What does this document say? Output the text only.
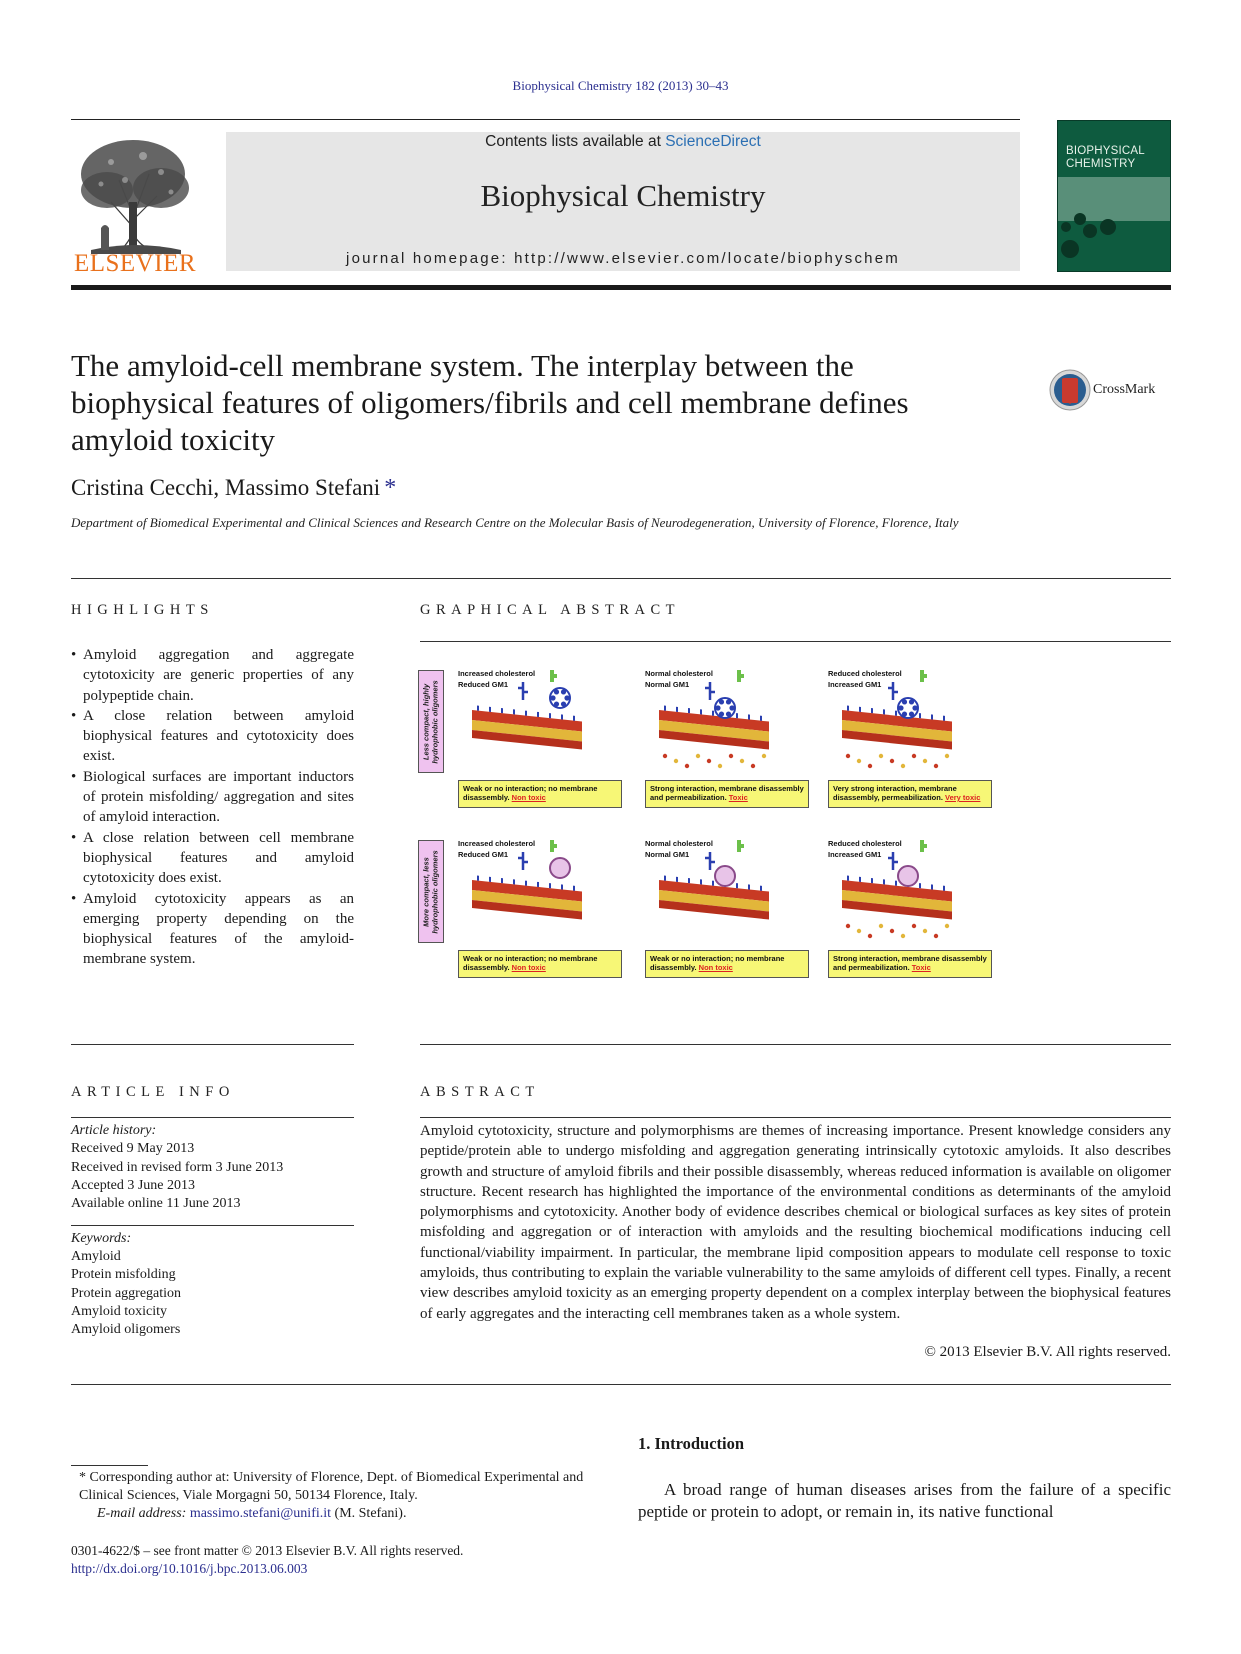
Biophysical Chemistry 182 (2013) 30–43
ELSEVIER
Contents lists available at ScienceDirect
Biophysical Chemistry
journal homepage: http://www.elsevier.com/locate/biophyschem
BIOPHYSICAL
CHEMISTRY
The amyloid-cell membrane system. The interplay between the biophysical features of oligomers/fibrils and cell membrane defines amyloid toxicity
CrossMark
Cristina Cecchi, Massimo Stefani *
Department of Biomedical Experimental and Clinical Sciences and Research Centre on the Molecular Basis of Neurodegeneration, University of Florence, Florence, Italy
HIGHLIGHTS	GRAPHICAL ABSTRACT
• Amyloid aggregation and aggregate cytotoxicity are generic properties of any polypeptide chain.
• A close relation between amyloid biophysical features and cytotoxicity does exist.
• Biological surfaces are important inductors of protein misfolding/ aggregation and sites of amyloid interaction.
• A close relation between cell membrane biophysical features and amyloid cytotoxicity does exist.
• Amyloid cytotoxicity appears as an emerging property depending on the biophysical features of the amyloid-membrane system.
Less compact, highly hydrophobic oligomers
More compact, less hydrophobic oligomers
Increased cholesterol
Reduced GM1
Weak or no interaction; no membrane disassembly. Non toxic
Normal cholesterol
Normal GM1
Strong interaction, membrane disassembly and permeabilization. Toxic
Reduced cholesterol
Increased GM1
Very strong interaction, membrane disassembly, permeabilization. Very toxic
Increased cholesterol
Reduced GM1
Weak or no interaction; no membrane disassembly. Non toxic
Normal cholesterol
Normal GM1
Weak or no interaction; no membrane disassembly. Non toxic
Reduced cholesterol
Increased GM1
Strong interaction, membrane disassembly and permeabilization. Toxic
ARTICLE INFO	ABSTRACT
Article history:
Received 9 May 2013
Received in revised form 3 June 2013
Accepted 3 June 2013
Available online 11 June 2013
Keywords:
Amyloid
Protein misfolding
Protein aggregation
Amyloid toxicity
Amyloid oligomers
Amyloid cytotoxicity, structure and polymorphisms are themes of increasing importance. Present knowledge considers any peptide/protein able to undergo misfolding and aggregation generating intrinsically cytotoxic amyloids. It also describes growth and structure of amyloid fibrils and their possible disassembly, whereas reduced information is available on oligomer structure. Recent research has highlighted the importance of the environmental conditions as determinants of the amyloid polymorphisms and cytotoxicity. Another body of evidence describes chemical or biological surfaces as key sites of protein misfolding and aggregation or of interaction with amyloids and the resulting biochemical modifications inducing cell functional/viability impairment. In particular, the membrane lipid composition appears to modulate cell response to toxic amyloids, thus contributing to explain the variable vulnerability to the same amyloids of different cell types. Finally, a recent view describes amyloid toxicity as an emerging property dependent on a complex interplay between the biophysical features of early aggregates and the interacting cell membranes taken as a whole system.
© 2013 Elsevier B.V. All rights reserved.
1. Introduction
A broad range of human diseases arises from the failure of a specific peptide or protein to adopt, or remain in, its native functional
* Corresponding author at: University of Florence, Dept. of Biomedical Experimental and Clinical Sciences, Viale Morgagni 50, 50134 Florence, Italy.
E-mail address: massimo.stefani@unifi.it (M. Stefani).
0301-4622/$ – see front matter © 2013 Elsevier B.V. All rights reserved.
http://dx.doi.org/10.1016/j.bpc.2013.06.003
